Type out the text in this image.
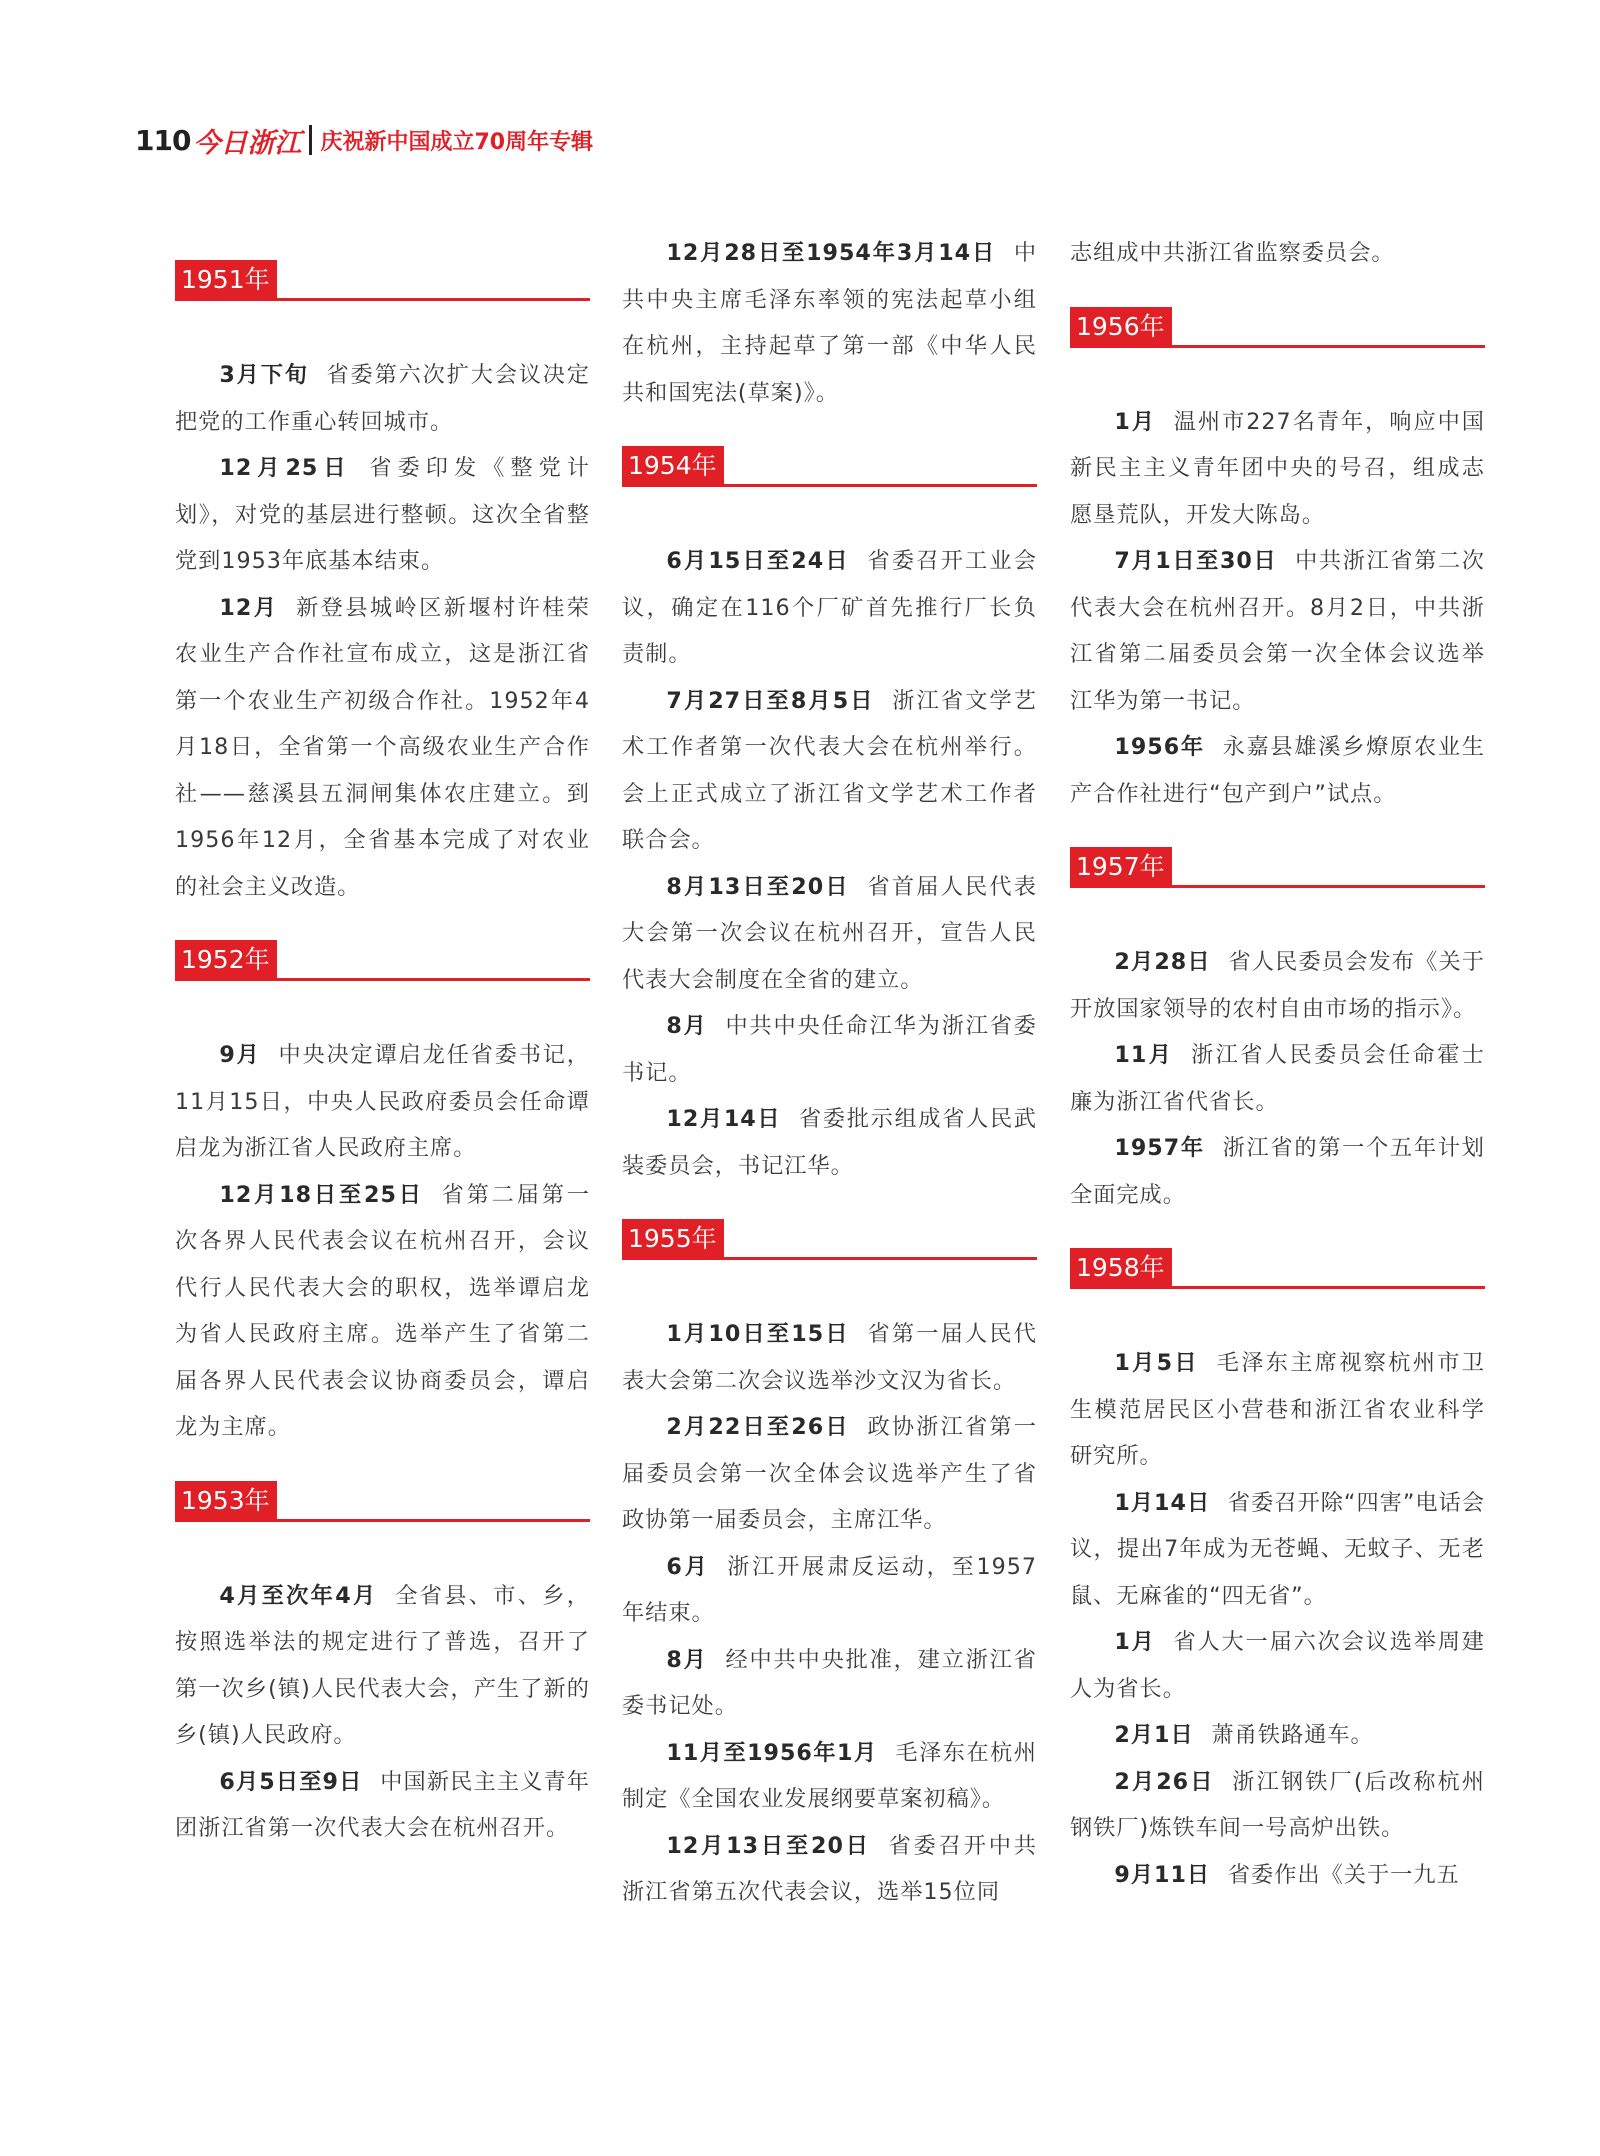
110 今日浙江 庆祝新中国成立70周年专辑
1951年

3月下旬 省委第六次扩大会议决定把党的工作重心转回城市。

12月25日 省委印发《整党计划》，对党的基层进行整顿。这次全省整党到1953年底基本结束。

12月 新登县城岭区新堰村许桂荣农业生产合作社宣布成立，这是浙江省第一个农业生产初级合作社。1952年4月18日，全省第一个高级农业生产合作社——慈溪县五洞闸集体农庄建立。到1956年12月，全省基本完成了对农业的社会主义改造。

1952年

9月 中央决定谭启龙任省委书记，11月15日，中央人民政府委员会任命谭启龙为浙江省人民政府主席。

12月18日至25日 省第二届第一次各界人民代表会议在杭州召开，会议代行人民代表大会的职权，选举谭启龙为省人民政府主席。选举产生了省第二届各界人民代表会议协商委员会，谭启龙为主席。

1953年

4月至次年4月 全省县、市、乡，按照选举法的规定进行了普选，召开了第一次乡(镇)人民代表大会，产生了新的乡(镇)人民政府。

6月5日至9日 中国新民主主义青年团浙江省第一次代表大会在杭州召开。

12月28日至1954年3月14日 中共中央主席毛泽东率领的宪法起草小组在杭州，主持起草了第一部《中华人民共和国宪法(草案)》。

1954年

6月15日至24日 省委召开工业会议，确定在116个厂矿首先推行厂长负责制。

7月27日至8月5日 浙江省文学艺术工作者第一次代表大会在杭州举行。会上正式成立了浙江省文学艺术工作者联合会。

8月13日至20日 省首届人民代表大会第一次会议在杭州召开，宣告人民代表大会制度在全省的建立。

8月 中共中央任命江华为浙江省委书记。

12月14日 省委批示组成省人民武装委员会，书记江华。

1955年

1月10日至15日 省第一届人民代表大会第二次会议选举沙文汉为省长。

2月22日至26日 政协浙江省第一届委员会第一次全体会议选举产生了省政协第一届委员会，主席江华。

6月 浙江开展肃反运动，至1957年结束。

8月 经中共中央批准，建立浙江省委书记处。

11月至1956年1月 毛泽东在杭州制定《全国农业发展纲要草案初稿》。

12月13日至20日 省委召开中共浙江省第五次代表会议，选举15位同

志组成中共浙江省监察委员会。

1956年

1月 温州市227名青年，响应中国新民主主义青年团中央的号召，组成志愿垦荒队，开发大陈岛。

7月1日至30日 中共浙江省第二次代表大会在杭州召开。8月2日，中共浙江省第二届委员会第一次全体会议选举江华为第一书记。

1956年 永嘉县雄溪乡燎原农业生产合作社进行“包产到户”试点。

1957年

2月28日 省人民委员会发布《关于开放国家领导的农村自由市场的指示》。

11月 浙江省人民委员会任命霍士廉为浙江省代省长。

1957年 浙江省的第一个五年计划全面完成。

1958年

1月5日 毛泽东主席视察杭州市卫生模范居民区小营巷和浙江省农业科学研究所。

1月14日 省委召开除“四害”电话会议，提出7年成为无苍蝇、无蚊子、无老鼠、无麻雀的“四无省”。

1月 省人大一届六次会议选举周建人为省长。

2月1日 萧甬铁路通车。

2月26日 浙江钢铁厂(后改称杭州钢铁厂)炼铁车间一号高炉出铁。

9月11日 省委作出《关于一九五
